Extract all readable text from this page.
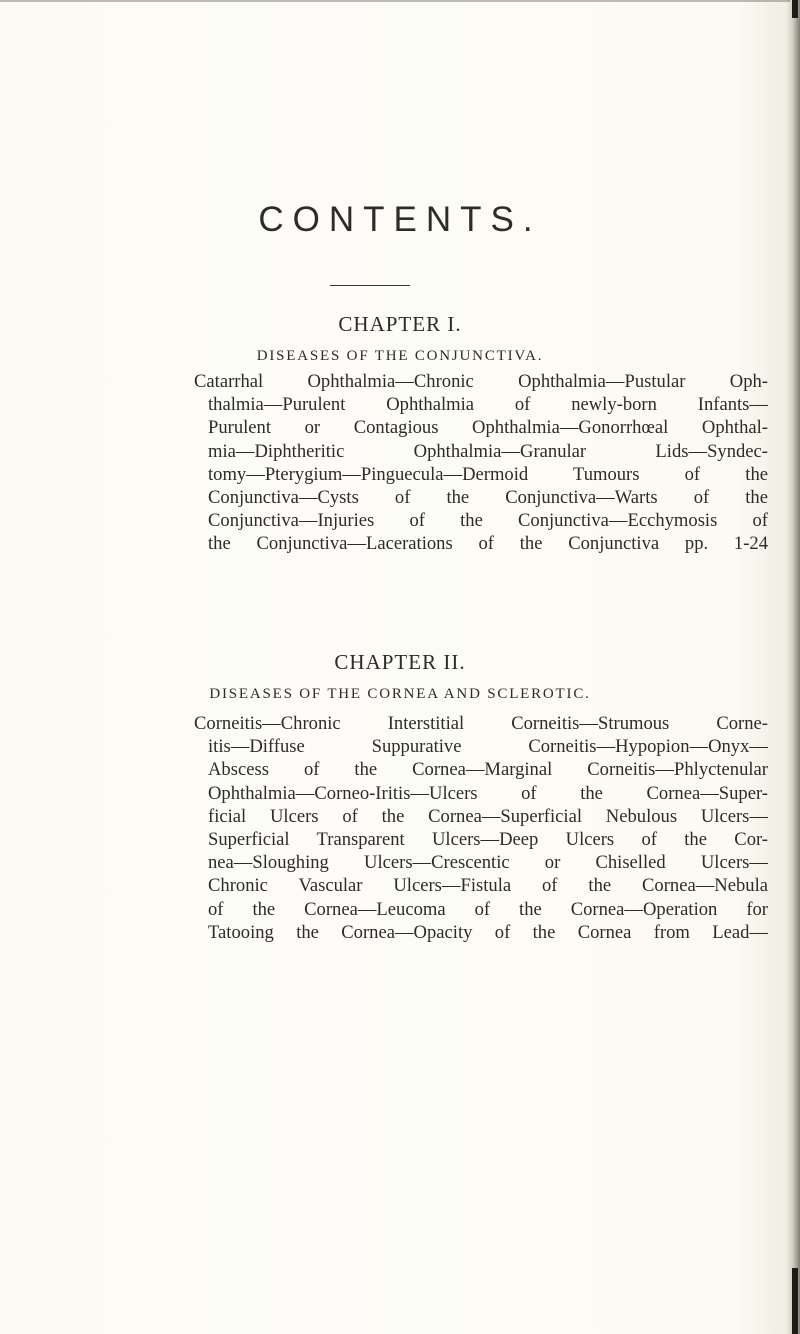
CONTENTS.
CHAPTER I.
DISEASES OF THE CONJUNCTIVA.
Catarrhal Ophthalmia—Chronic Ophthalmia—Pustular Oph-
thalmia—Purulent Ophthalmia of newly-born Infants—
Purulent or Contagious Ophthalmia—Gonorrhœal Ophthal-
mia—Diphtheritic Ophthalmia—Granular Lids—Syndec-
tomy—Pterygium—Pinguecula—Dermoid Tumours of the
Conjunctiva—Cysts of the Conjunctiva—Warts of the
Conjunctiva—Injuries of the Conjunctiva—Ecchymosis of
the Conjunctiva—Lacerations of the Conjunctiva pp. 1-24
CHAPTER II.
DISEASES OF THE CORNEA AND SCLEROTIC.
Corneitis—Chronic Interstitial Corneitis—Strumous Corne-
itis—Diffuse Suppurative Corneitis—Hypopion—Onyx—
Abscess of the Cornea—Marginal Corneitis—Phlyctenular
Ophthalmia—Corneo-Iritis—Ulcers of the Cornea—Super-
ficial Ulcers of the Cornea—Superficial Nebulous Ulcers—
Superficial Transparent Ulcers—Deep Ulcers of the Cor-
nea—Sloughing Ulcers—Crescentic or Chiselled Ulcers—
Chronic Vascular Ulcers—Fistula of the Cornea—Nebula
of the Cornea—Leucoma of the Cornea—Operation for
Tatooing the Cornea—Opacity of the Cornea from Lead—
